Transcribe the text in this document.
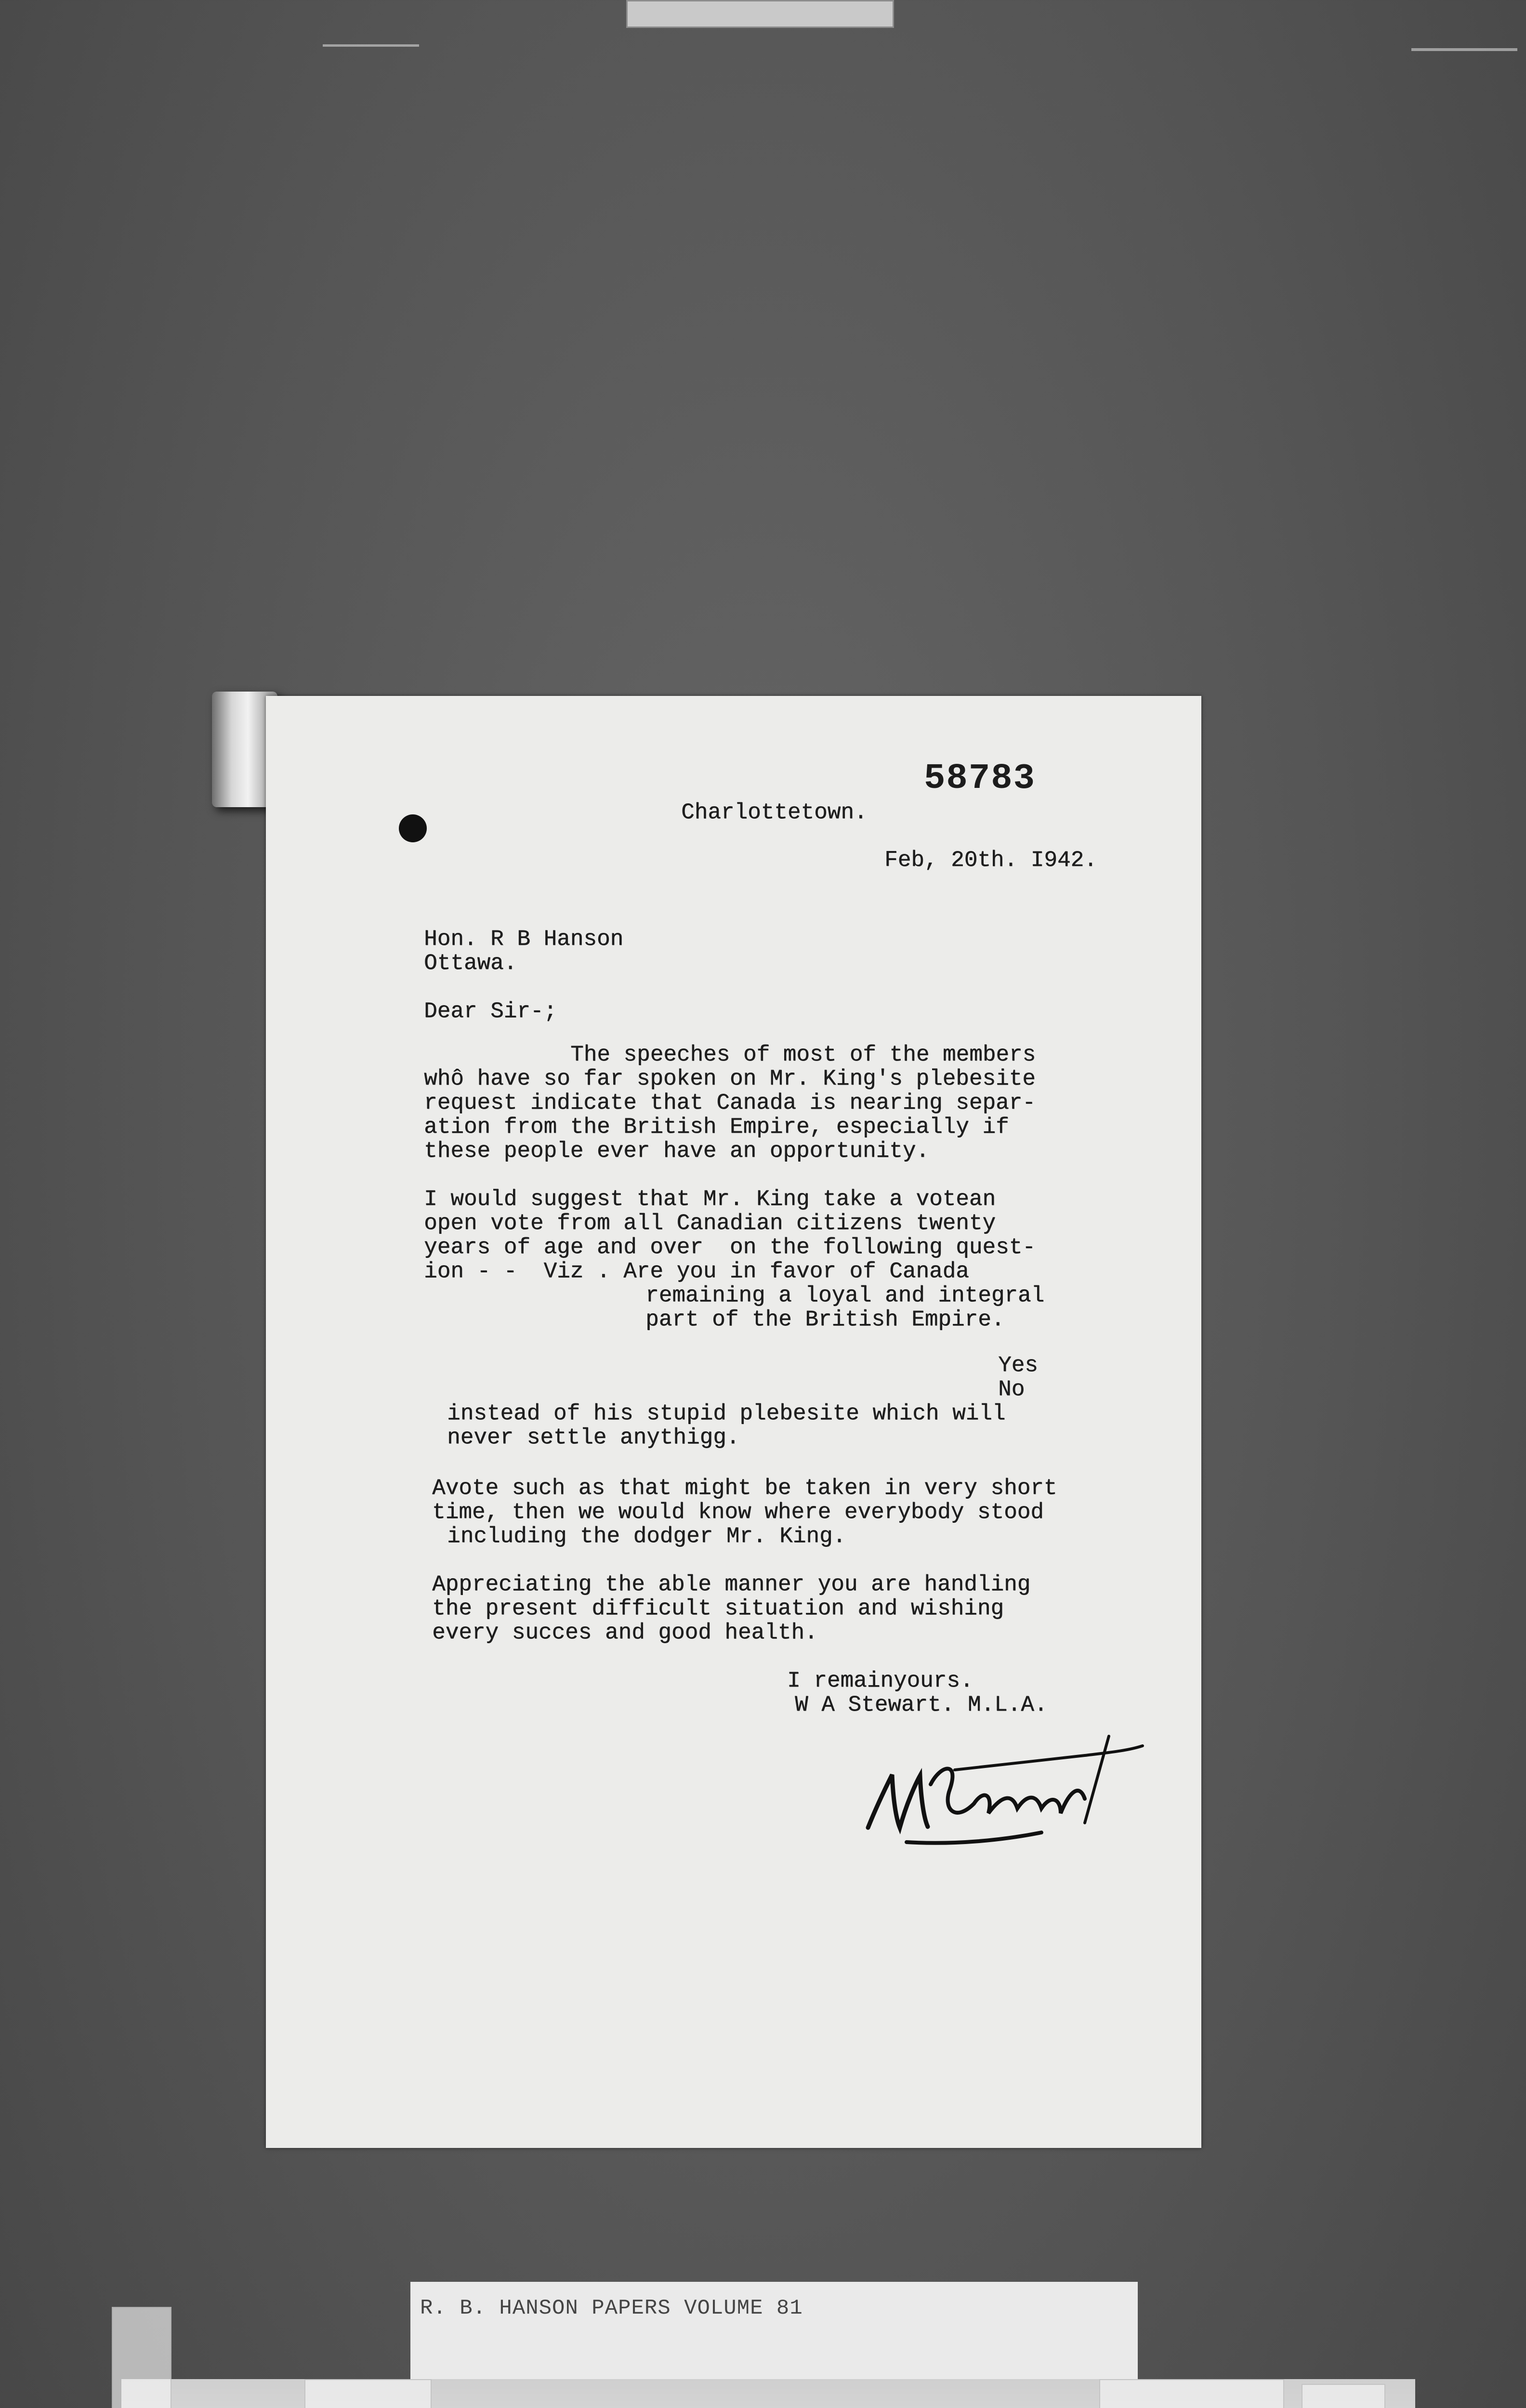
58783
Charlottetown.
Feb, 20th. I942.
Hon. R B Hanson
Ottawa.
Dear Sir-;
The speeches of most of the members
whô have so far spoken on Mr. King's plebesite
request indicate that Canada is nearing separ-
ation from the British Empire, especially if
these people ever have an opportunity.
I would suggest that Mr. King take a votean
open vote from all Canadian citizens twenty
years of age and over  on the following quest-
ion - -  Viz . Are you in favor of Canada
remaining a loyal and integral
part of the British Empire.
Yes
No
instead of his stupid plebesite which will
never settle anythigg.
Avote such as that might be taken in very short
time, then we would know where everybody stood
including the dodger Mr. King.
Appreciating the able manner you are handling
the present difficult situation and wishing
every succes and good health.
I remainyours.
W A Stewart. M.L.A.
R. B. HANSON PAPERS VOLUME 81
